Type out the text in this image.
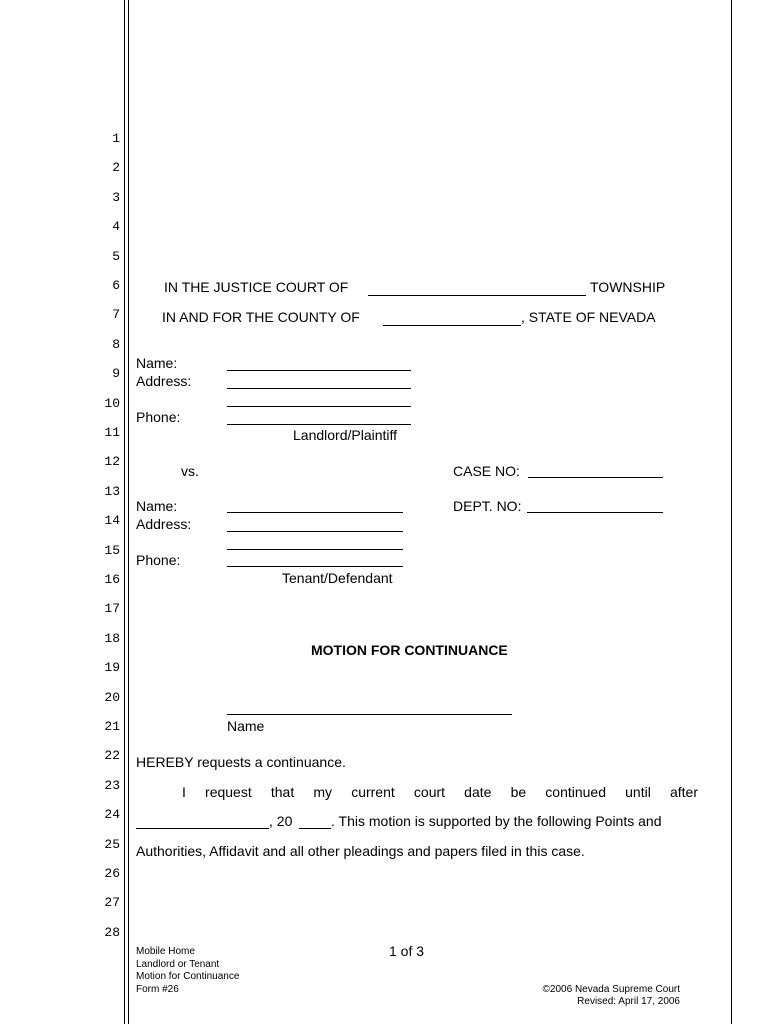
1
2
3
4
5
6
7
8
9
10
11
12
13
14
15
16
17
18
19
20
21
22
23
24
25
26
27
28
IN THE JUSTICE COURT OF	TOWNSHIP
IN AND FOR THE COUNTY OF	, STATE OF NEVADA
Name:
Address:
Phone:
Landlord/Plaintiff
vs.	CASE NO:
DEPT. NO:
Name:
Address:
Phone:
Tenant/Defendant
MOTION FOR CONTINUANCE
Name
HEREBY requests a continuance.
I request that my current court date be continued until after
, 20	. This motion is supported by the following Points and
Authorities, Affidavit and all other pleadings and papers filed in this case.
Mobile Home
Landlord or Tenant
Motion for Continuance
Form #26
1 of 3
©2006 Nevada Supreme Court
Revised: April 17, 2006
